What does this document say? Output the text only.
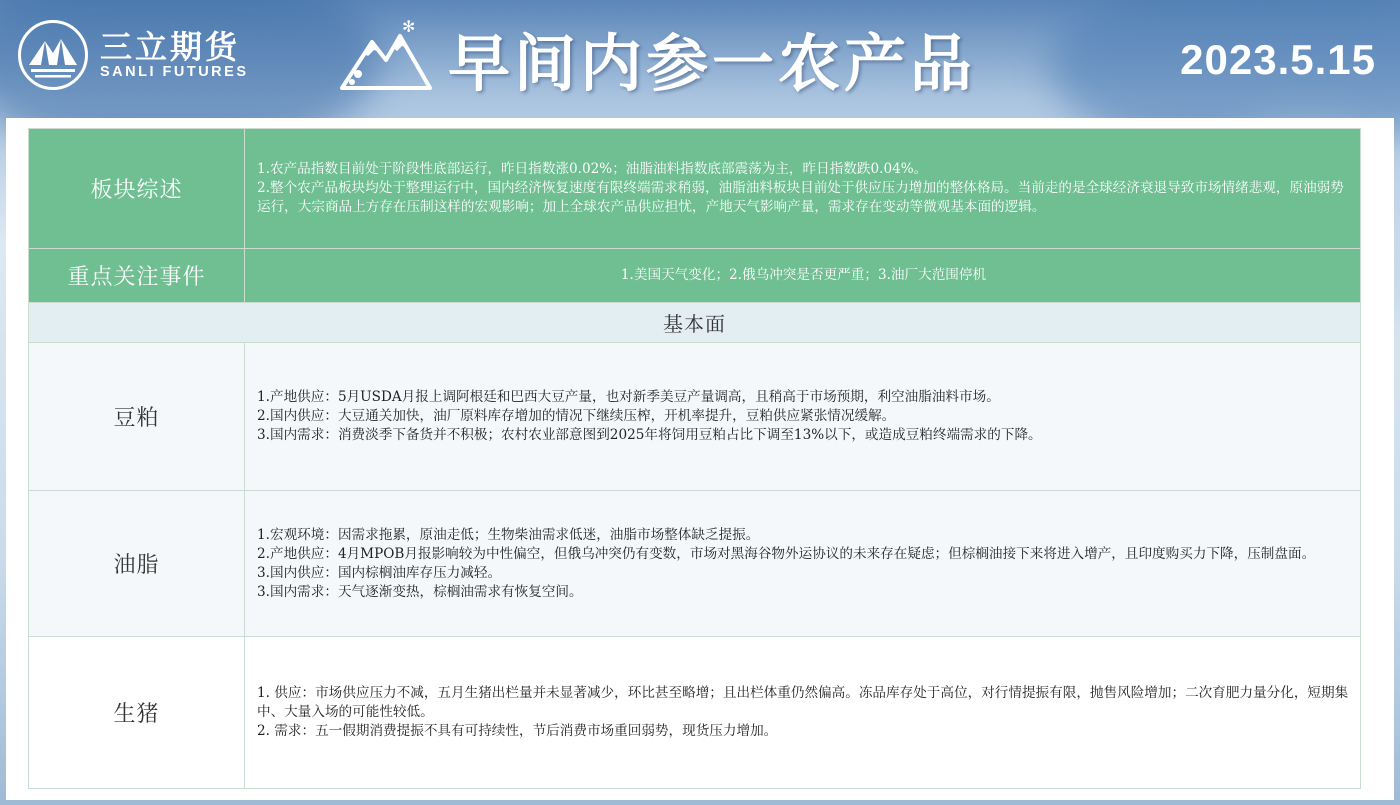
三立期货
SANLI FUTURES
✻
早间内参一农产品	2023.5.15
板块综述	1.农产品指数目前处于阶段性底部运行，昨日指数涨0.02%；油脂油料指数底部震荡为主，昨日指数跌0.04%。
2.整个农产品板块均处于整理运行中，国内经济恢复速度有限终端需求稍弱，油脂油料板块目前处于供应压力增加的整体格局。当前走的是全球经济衰退导致市场情绪悲观，原油弱势运行，大宗商品上方存在压制这样的宏观影响；加上全球农产品供应担忧，产地天气影响产量，需求存在变动等微观基本面的逻辑。

重点关注事件	1.美国天气变化；2.俄乌冲突是否更严重；3.油厂大范围停机
基本面	
豆粕	1.产地供应：5月USDA月报上调阿根廷和巴西大豆产量，也对新季美豆产量调高，且稍高于市场预期，利空油脂油料市场。
2.国内供应：大豆通关加快，油厂原料库存增加的情况下继续压榨，开机率提升，豆粕供应紧张情况缓解。
3.国内需求：消费淡季下备货并不积极；农村农业部意图到2025年将饲用豆粕占比下调至13%以下，或造成豆粕终端需求的下降。

油脂	1.宏观环境：因需求拖累，原油走低；生物柴油需求低迷，油脂市场整体缺乏提振。
2.产地供应：4月MPOB月报影响较为中性偏空，但俄乌冲突仍有变数，市场对黑海谷物外运协议的未来存在疑虑；但棕榈油接下来将进入增产，且印度购买力下降，压制盘面。
3.国内供应：国内棕榈油库存压力减轻。
3.国内需求：天气逐渐变热，棕榈油需求有恢复空间。

生猪	1. 供应：市场供应压力不减，五月生猪出栏量并未显著减少，环比甚至略增；且出栏体重仍然偏高。冻品库存处于高位，对行情提振有限，抛售风险增加；二次育肥力量分化，短期集中、大量入场的可能性较低。
2. 需求：五一假期消费提振不具有可持续性，节后消费市场重回弱势，现货压力增加。
